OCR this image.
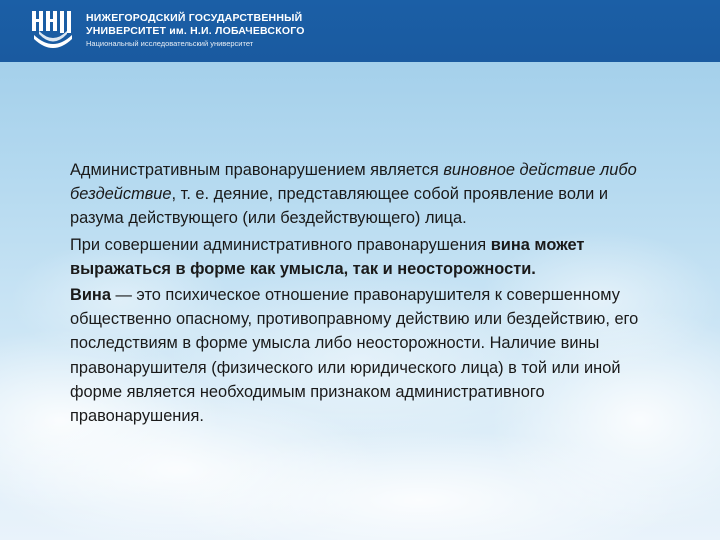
НИЖЕГОРОДСКИЙ ГОСУДАРСТВЕННЫЙ
УНИВЕРСИТЕТ им. Н.И. ЛОБАЧЕВСКОГО
Национальный исследовательский университет

Административным правонарушением является виновное действие либо бездействие, т. е. деяние, представляющее собой проявление воли и разума действующего (или бездействующего) лица.

При совершении административного правонарушения вина может выражаться в форме как умысла, так и неосторожности.

Вина — это психическое отношение правонарушителя к совершенному общественно опасному, противоправному действию или бездействию, его последствиям в форме умысла либо неосторожности. Наличие вины правонарушителя (физического или юридического лица) в той или иной форме является необходимым признаком административного правонарушения.
